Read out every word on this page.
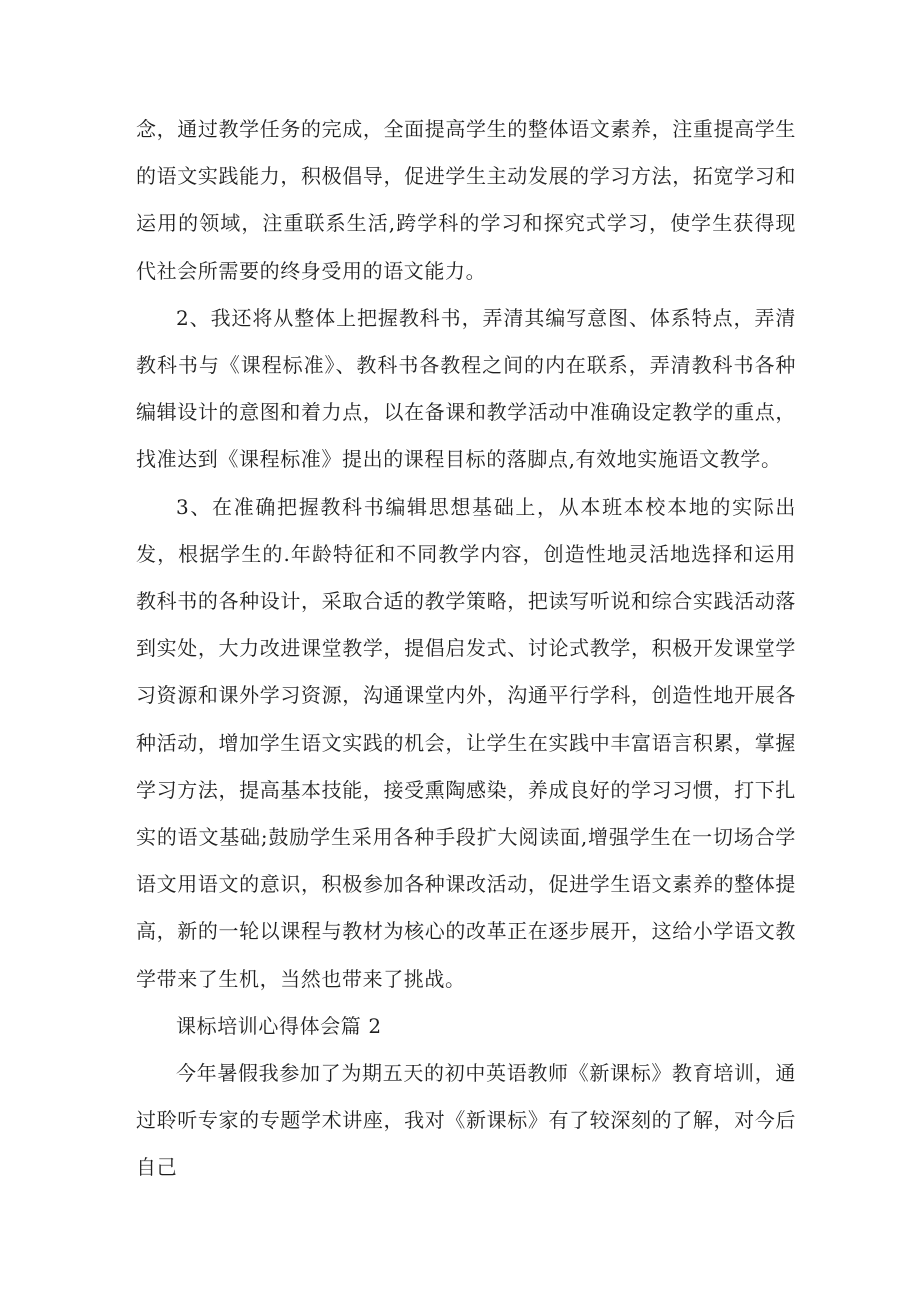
念，通过教学任务的完成，全面提高学生的整体语文素养，注重提高学生的语文实践能力，积极倡导，促进学生主动发展的学习方法，拓宽学习和运用的领域，注重联系生活,跨学科的学习和探究式学习，使学生获得现代社会所需要的终身受用的语文能力。

2、我还将从整体上把握教科书，弄清其编写意图、体系特点，弄清教科书与《课程标准》、教科书各教程之间的内在联系，弄清教科书各种编辑设计的意图和着力点，以在备课和教学活动中准确设定教学的重点，找准达到《课程标准》提出的课程目标的落脚点,有效地实施语文教学。

3、在准确把握教科书编辑思想基础上，从本班本校本地的实际出发，根据学生的.年龄特征和不同教学内容，创造性地灵活地选择和运用教科书的各种设计，采取合适的教学策略，把读写听说和综合实践活动落到实处，大力改进课堂教学，提倡启发式、讨论式教学，积极开发课堂学习资源和课外学习资源，沟通课堂内外，沟通平行学科，创造性地开展各种活动，增加学生语文实践的机会，让学生在实践中丰富语言积累，掌握学习方法，提高基本技能，接受熏陶感染，养成良好的学习习惯，打下扎实的语文基础;鼓励学生采用各种手段扩大阅读面,增强学生在一切场合学语文用语文的意识，积极参加各种课改活动，促进学生语文素养的整体提高，新的一轮以课程与教材为核心的改革正在逐步展开，这给小学语文教学带来了生机，当然也带来了挑战。

课标培训心得体会篇 2

今年暑假我参加了为期五天的初中英语教师《新课标》教育培训，通过聆听专家的专题学术讲座，我对《新课标》有了较深刻的了解，对今后自己
